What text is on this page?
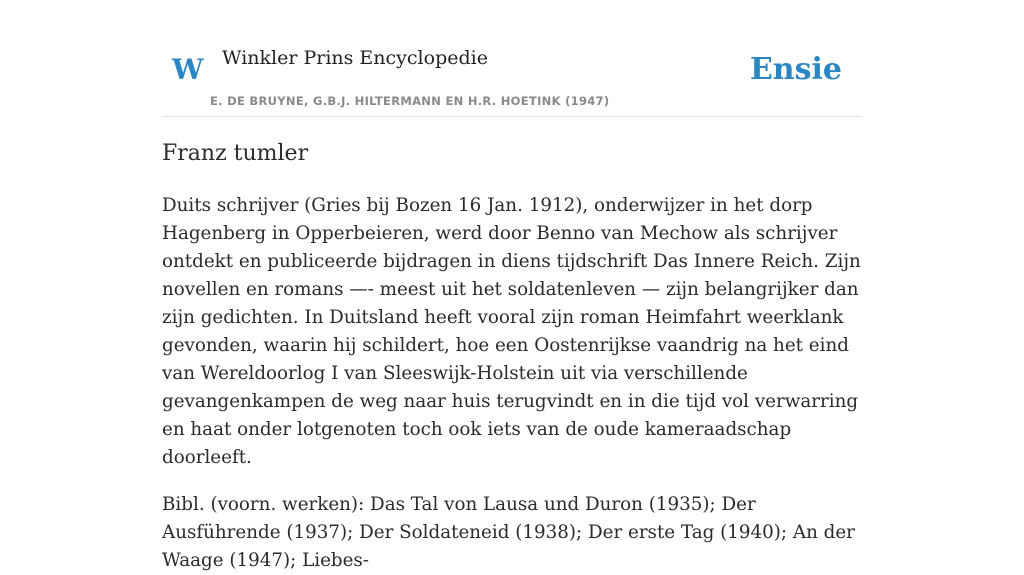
W Winkler Prins Encyclopedie
E. DE BRUYNE, G.B.J. HILTERMANN EN H.R. HOETINK (1947)
Ensie
Franz tumler

Duits schrijver (Gries bij Bozen 16 Jan. 1912), onderwijzer in het dorp Hagenberg in Opperbeieren, werd door Benno van Mechow als schrijver ontdekt en publiceerde bijdragen in diens tijdschrift Das Innere Reich. Zijn novellen en romans —- meest uit het soldatenleven — zijn belangrijker dan zijn gedichten. In Duitsland heeft vooral zijn roman Heimfahrt weerklank gevonden, waarin hij schildert, hoe een Oostenrijkse vaandrig na het eind van Wereldoorlog I van Sleeswijk-Holstein uit via verschillende gevangenkampen de weg naar huis terugvindt en in die tijd vol verwarring en haat onder lotgenoten toch ook iets van de oude kameraadschap doorleeft.

Bibl. (voorn. werken): Das Tal von Lausa und Duron (1935); Der Ausführende (1937); Der Soldateneid (1938); Der erste Tag (1940); An der Waage (1947); Liebes-
